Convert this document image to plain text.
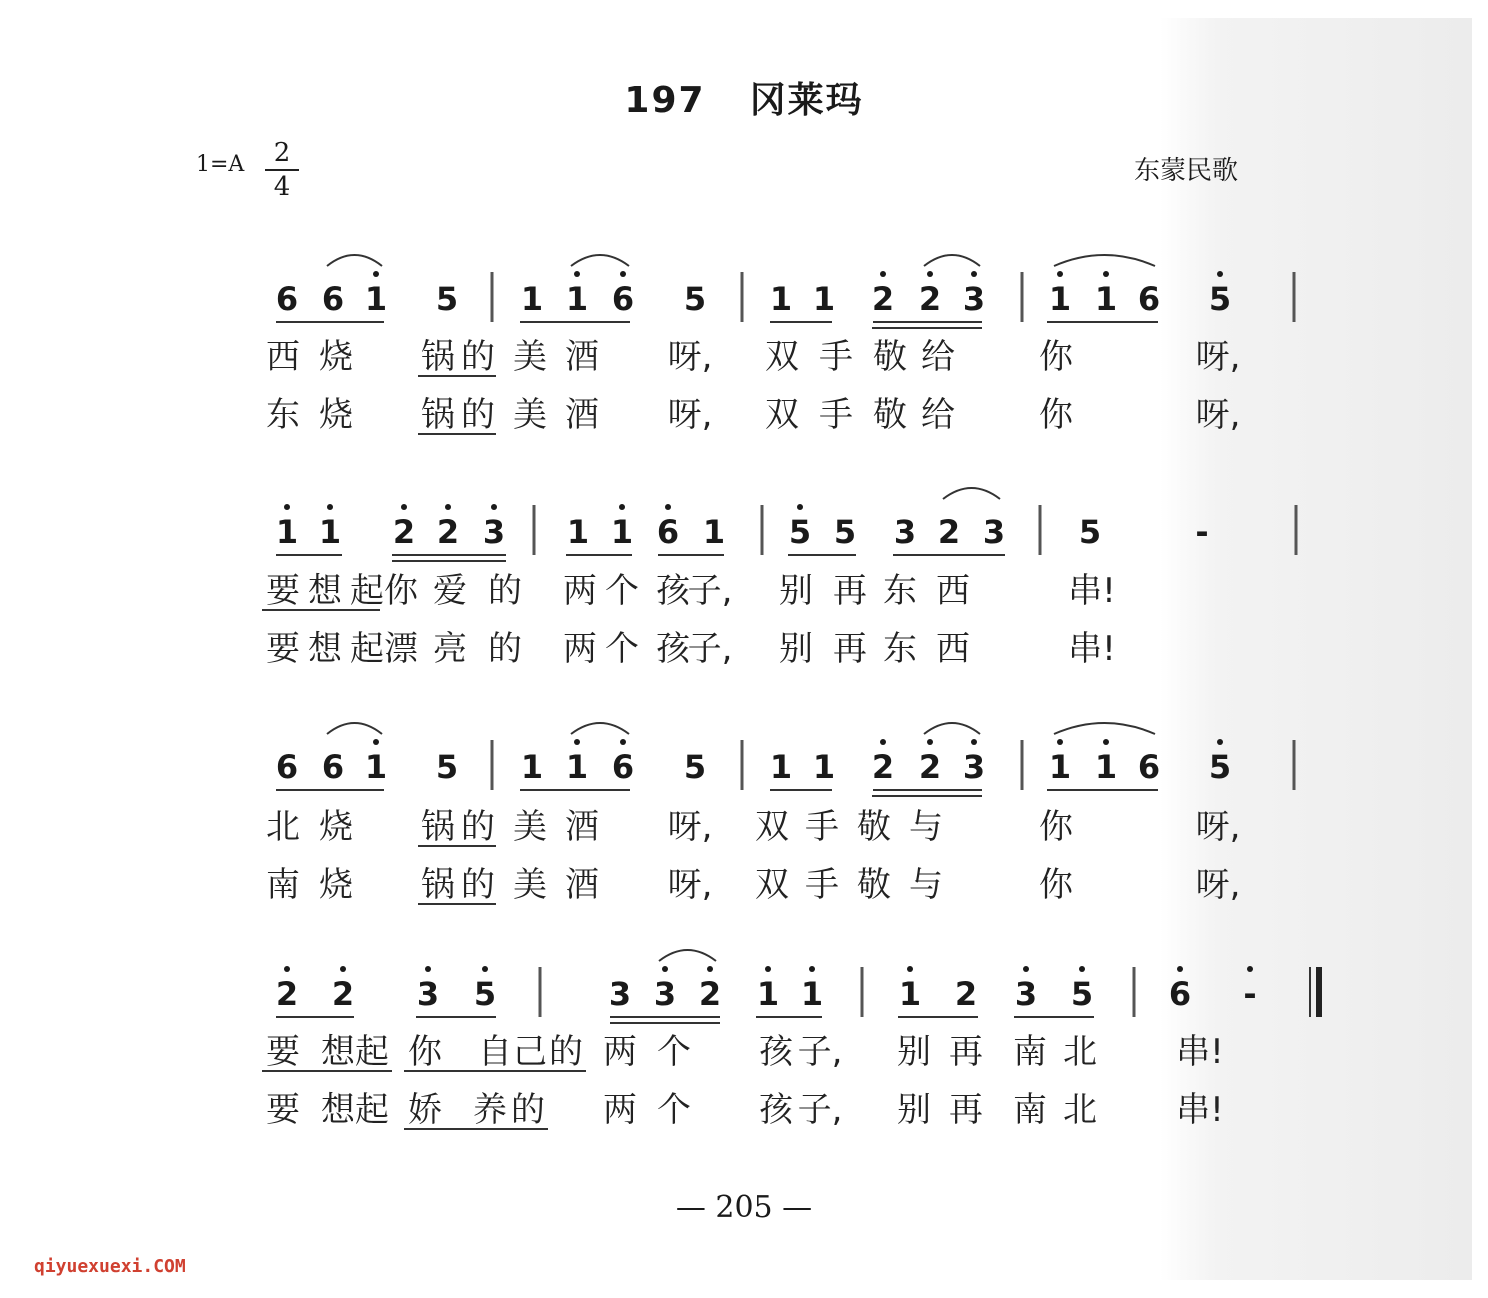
197 冈莱玛
1=A	2
4
东蒙民歌
6 6 1 5 1 1 6 5 1 1 2 2 3 1 1 6 5
西 烧 锅 的 美 酒 呀, 双 手 敬 给 你	呀,
东 烧 锅 的 美 酒 呀, 双 手 敬 给 你	呀,
1 1 2 2 3 1 1 6 1 5 5 3 2 3 5	-
要 想 起 你 爱 的 两 个 孩
子, 别 再 东 西	串!
要 想 起 漂 亮 的 两 个 孩
子, 别 再 东 西	串!
6 6 1 5 1 1 6 5 1 1 2 2 3 1 1 6 5
北 烧 锅 的 美 酒 呀, 双 手 敬 与	你	呀,
南 烧 锅 的 美 酒 呀, 双 手 敬 与	你	呀,
2 2 3 5	3 3 2 1 1 1 2 3 5 6 -
要 想 起 你 自 己 的 两 个 孩 子, 别 再 南 北 串!
要 想 起 娇 养 的 两 个 孩 子, 别 再 南 北 串!
— 205 —
qiyuexuexi.COM
